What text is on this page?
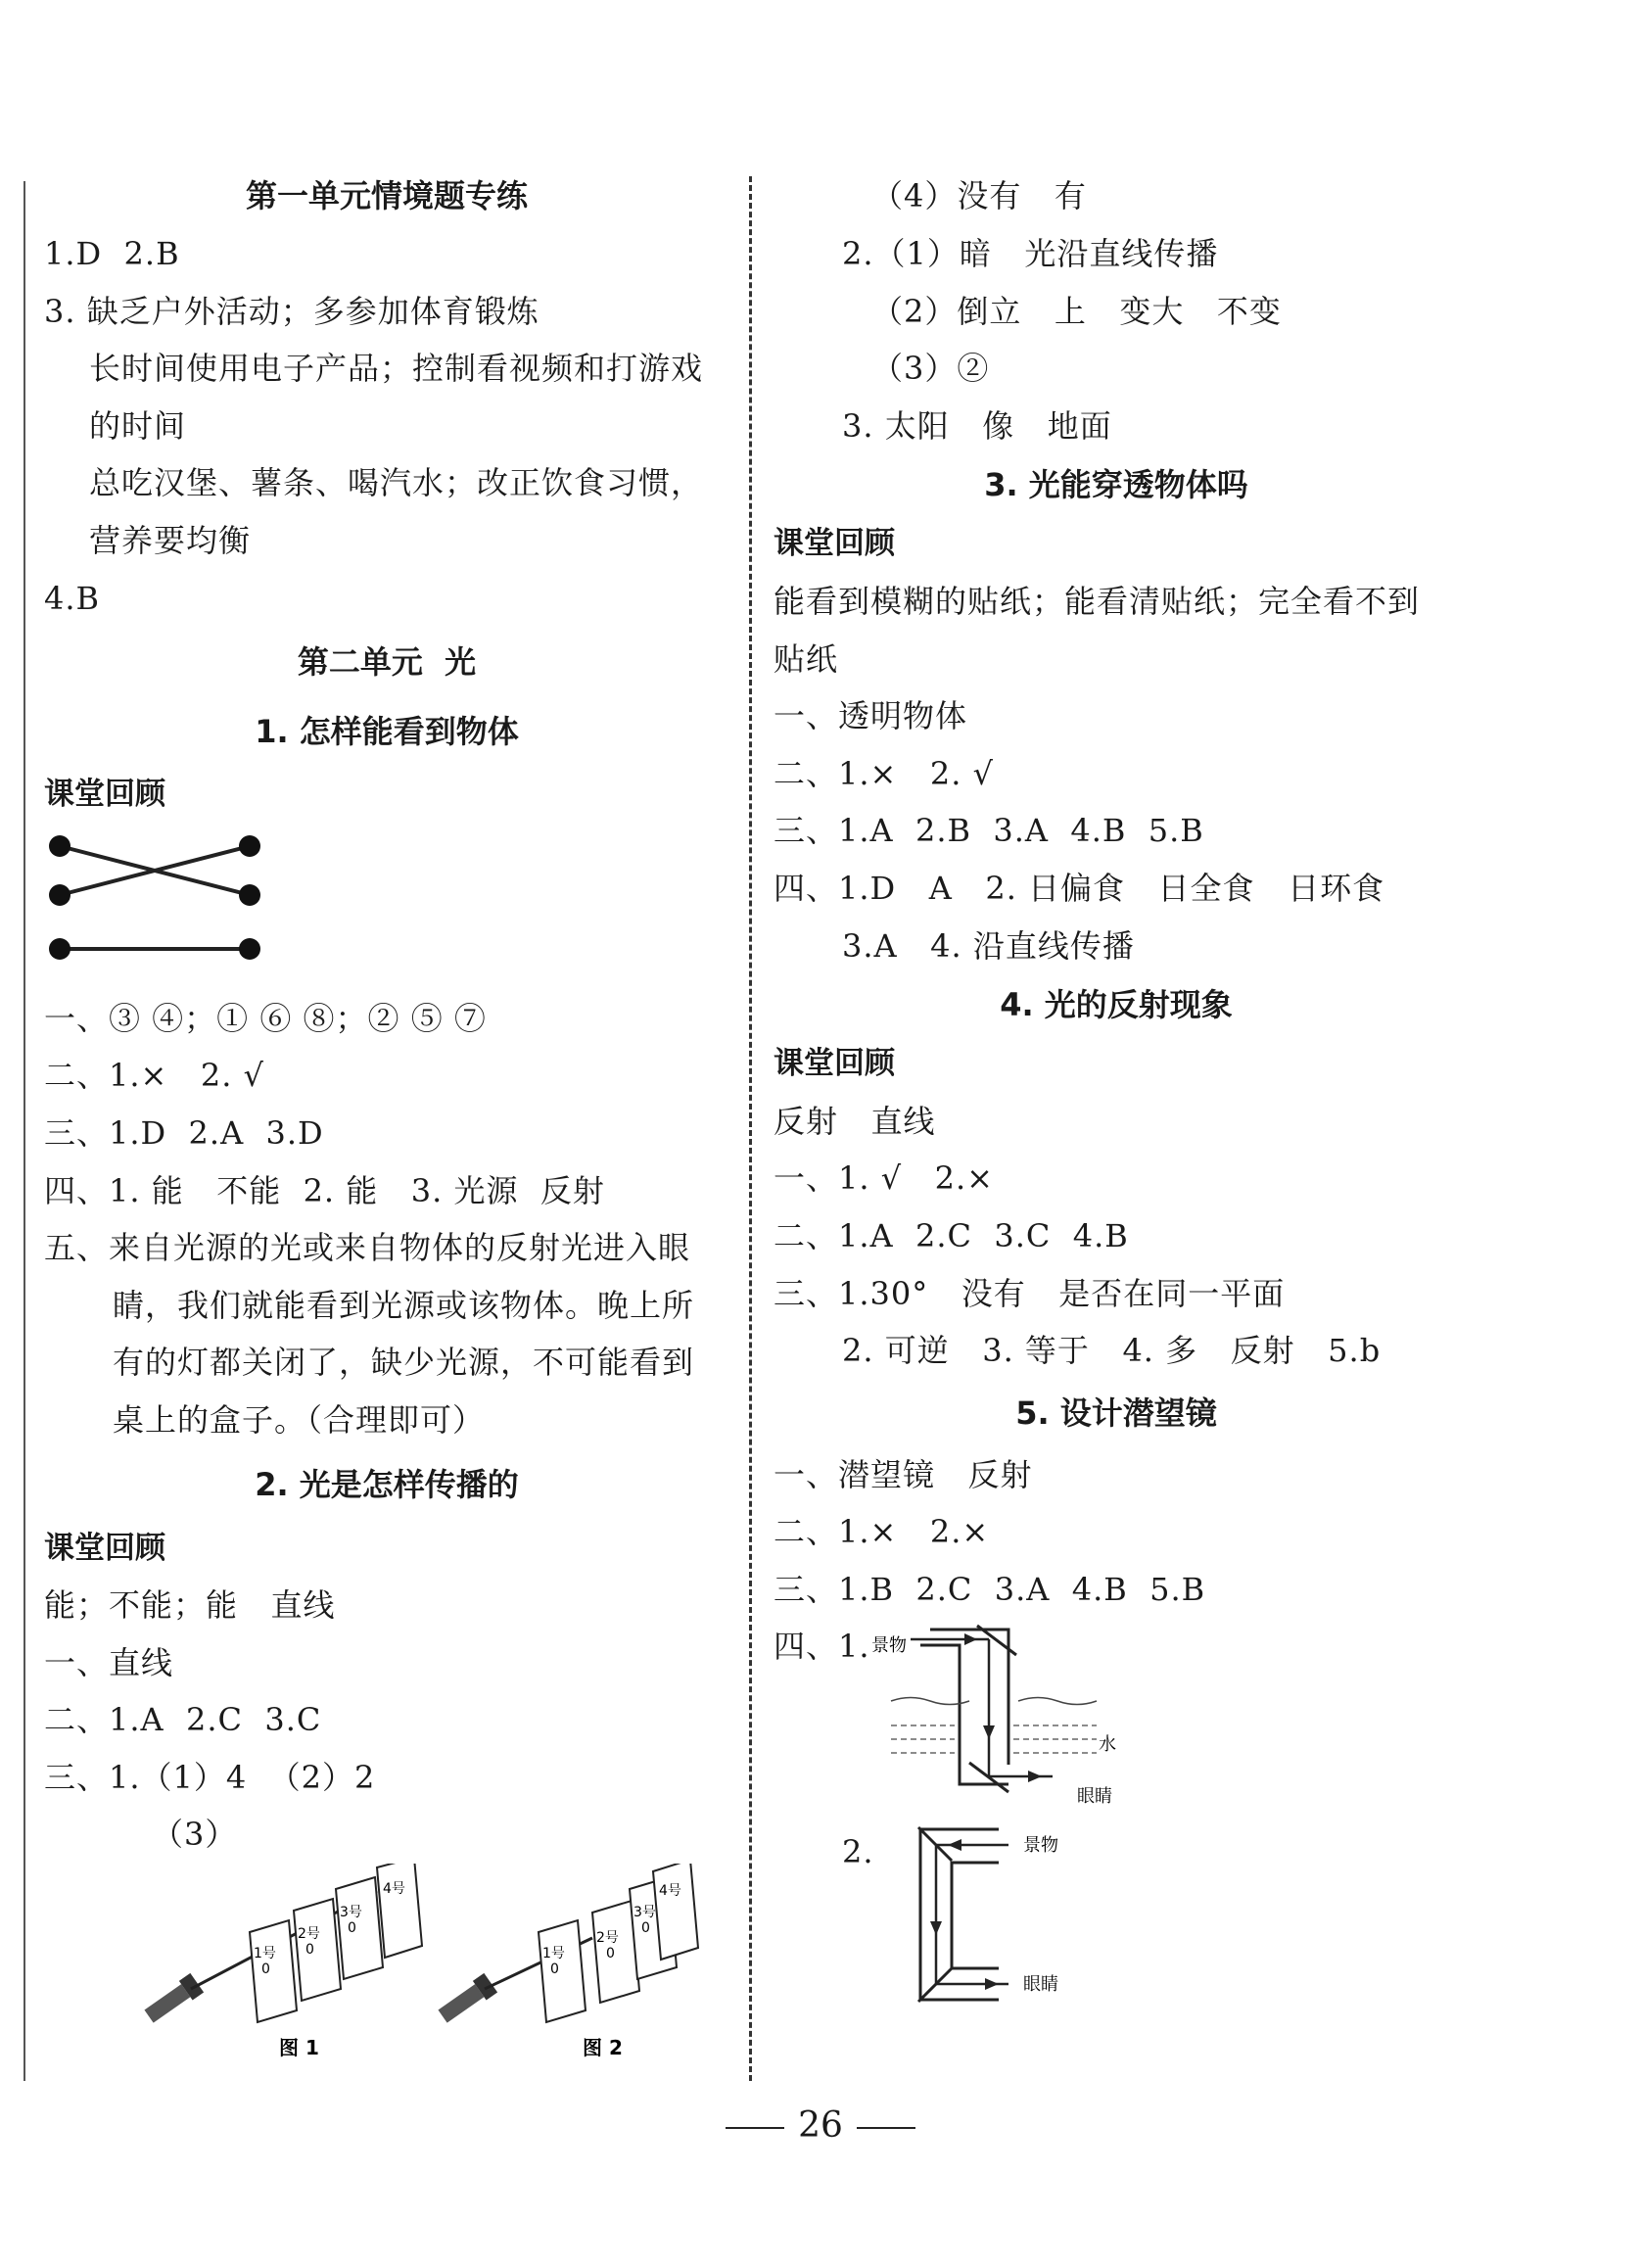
第一单元情境题专练
1.D  2.B
3. 缺乏户外活动；多参加体育锻炼
长时间使用电子产品；控制看视频和打游戏
的时间
总吃汉堡、薯条、喝汽水；改正饮食习惯，
营养要均衡
4.B
第二单元  光
1. 怎样能看到物体
课堂回顾
一、③ ④；① ⑥ ⑧；② ⑤ ⑦
二、1.×   2. √
三、1.D  2.A  3.D
四、1. 能   不能  2. 能   3. 光源  反射
五、来自光源的光或来自物体的反射光进入眼
睛，我们就能看到光源或该物体。晚上所
有的灯都关闭了，缺少光源，不可能看到
桌上的盒子。（合理即可）
2. 光是怎样传播的
课堂回顾
能；不能；能   直线
一、直线
二、1.A  2.C  3.C
三、1.（1）4  （2）2
（3）
1号
0
2号
0
3号
0
4号
图 1
1号
0
2号
0
3号
0
4号
图 2
（4）没有   有
2.（1）暗   光沿直线传播
（2）倒立   上   变大   不变
（3）②
3. 太阳   像   地面
3. 光能穿透物体吗
课堂回顾
能看到模糊的贴纸；能看清贴纸；完全看不到
贴纸
一、透明物体
二、1.×   2. √
三、1.A  2.B  3.A  4.B  5.B
四、1.D   A   2. 日偏食   日全食   日环食
3.A   4. 沿直线传播
4. 光的反射现象
课堂回顾
反射   直线
一、1. √   2.×
二、1.A  2.C  3.C  4.B
三、1.30°   没有   是否在同一平面
2. 可逆   3. 等于   4. 多   反射   5.b
5. 设计潜望镜
一、潜望镜   反射
二、1.×   2.×
三、1.B  2.C  3.A  4.B  5.B
四、1. 景物
水
眼睛
2.	景物
眼睛
26
